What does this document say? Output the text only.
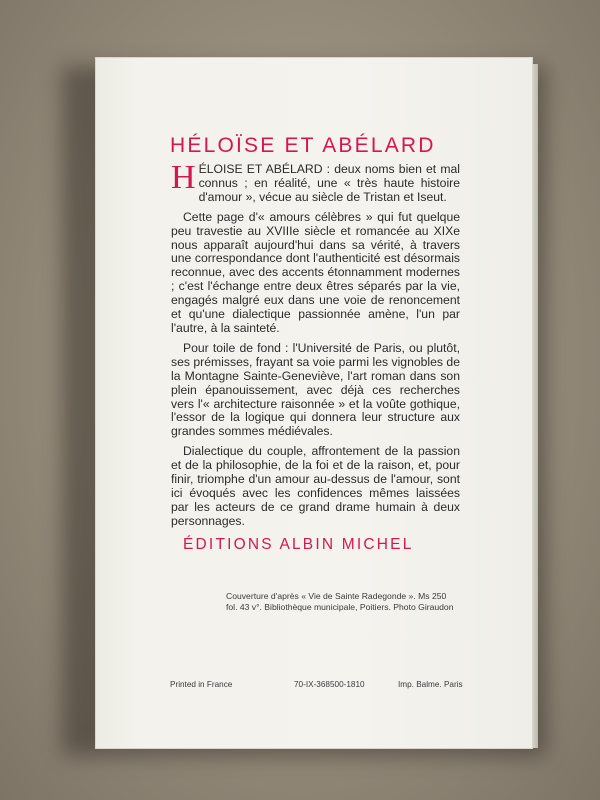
HÉLOÏSE ET ABÉLARD

HÉLOISE ET ABÉLARD : deux noms bien et mal connus ; en réalité, une « très haute histoire d'amour », vécue au siècle de Tristan et Iseut.

Cette page d'« amours célèbres » qui fut quelque peu travestie au XVIIIe siècle et romancée au XIXe nous apparaît aujourd'hui dans sa vérité, à travers une correspondance dont l'authenticité est désormais reconnue, avec des accents étonnamment modernes ; c'est l'échange entre deux êtres séparés par la vie, engagés malgré eux dans une voie de renoncement et qu'une dialectique passionnée amène, l'un par l'autre, à la sainteté.

Pour toile de fond : l'Université de Paris, ou plutôt, ses prémisses, frayant sa voie parmi les vignobles de la Montagne Sainte-Geneviève, l'art roman dans son plein épanouissement, avec déjà ces recherches vers l'« architecture raisonnée » et la voûte gothique, l'essor de la logique qui donnera leur structure aux grandes sommes médiévales.

Dialectique du couple, affrontement de la passion et de la philosophie, de la foi et de la raison, et, pour finir, triomphe d'un amour au-dessus de l'amour, sont ici évoqués avec les confidences mêmes laissées par les acteurs de ce grand drame humain à deux personnages.

ÉDITIONS ALBIN MICHEL
Couverture d'après « Vie de Sainte Radegonde ». Ms 250
fol. 43 v°. Bibliothèque municipale, Poitiers. Photo Giraudon
Printed in France	70-IX-368500-1810	Imp. Balme. Paris
